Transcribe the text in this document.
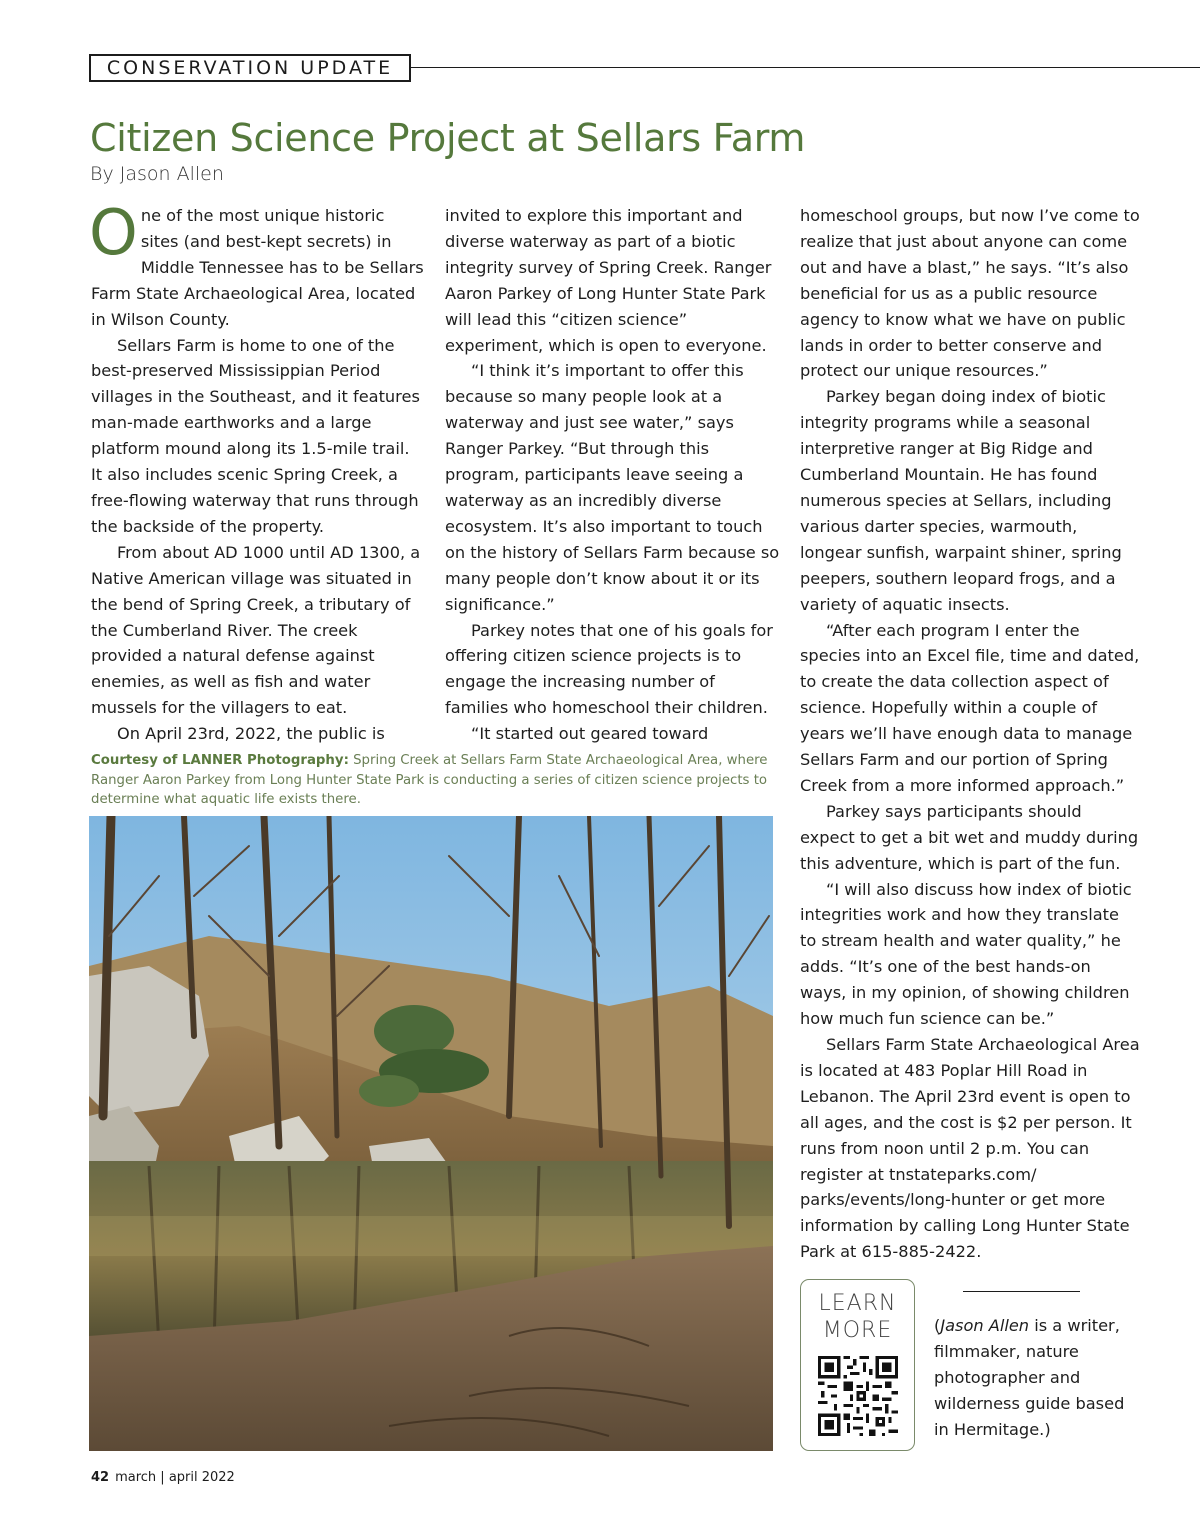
CONSERVATION UPDATE
Citizen Science Project at Sellars Farm
By Jason Allen

One of the most unique historic sites (and best-kept secrets) in Middle Tennessee has to be Sellars Farm State Archaeological Area, located in Wilson County.

Sellars Farm is home to one of the best-preserved Mississippian Period villages in the Southeast, and it features man-made earthworks and a large platform mound along its 1.5-mile trail. It also includes scenic Spring Creek, a free-flowing waterway that runs through the backside of the property.

From about AD 1000 until AD 1300, a Native American village was situated in the bend of Spring Creek, a tributary of the Cumberland River. The creek provided a natural defense against enemies, as well as fish and water mussels for the villagers to eat.

On April 23rd, 2022, the public is

invited to explore this important and diverse waterway as part of a biotic integrity survey of Spring Creek. Ranger Aaron Parkey of Long Hunter State Park will lead this “citizen science” experiment, which is open to everyone.

“I think it’s important to offer this because so many people look at a waterway and just see water,” says Ranger Parkey. “But through this program, participants leave seeing a waterway as an incredibly diverse ecosystem. It’s also important to touch on the history of Sellars Farm because so many people don’t know about it or its significance.”

Parkey notes that one of his goals for offering citizen science projects is to engage the increasing number of families who homeschool their children.

“It started out geared toward

homeschool groups, but now I’ve come to realize that just about anyone can come out and have a blast,” he says. “It’s also beneficial for us as a public resource agency to know what we have on public lands in order to better conserve and protect our unique resources.”

Parkey began doing index of biotic integrity programs while a seasonal interpretive ranger at Big Ridge and Cumberland Mountain. He has found numerous species at Sellars, including various darter species, warmouth, longear sunfish, warpaint shiner, spring peepers, southern leopard frogs, and a variety of aquatic insects.

“After each program I enter the species into an Excel file, time and dated, to create the data collection aspect of science. Hopefully within a couple of years we’ll have enough data to manage Sellars Farm and our portion of Spring Creek from a more informed approach.”

Parkey says participants should expect to get a bit wet and muddy during this adventure, which is part of the fun.

“I will also discuss how index of biotic integrities work and how they translate to stream health and water quality,” he adds. “It’s one of the best hands-on ways, in my opinion, of showing children how much fun science can be.”

Sellars Farm State Archaeological Area is located at 483 Poplar Hill Road in Lebanon. The April 23rd event is open to all ages, and the cost is $2 per person. It runs from noon until 2 p.m. You can register at tnstateparks.com/ parks/events/long-hunter or get more information by calling Long Hunter State Park at 615-885-2422.

Courtesy of LANNER Photography: Spring Creek at Sellars Farm State Archaeological Area, where Ranger Aaron Parkey from Long Hunter State Park is conducting a series of citizen science projects to determine what aquatic life exists there.
LEARN
MORE	(Jason Allen is a writer, filmmaker, nature photographer and wilderness guide based in Hermitage.)
42 march | april 2022
